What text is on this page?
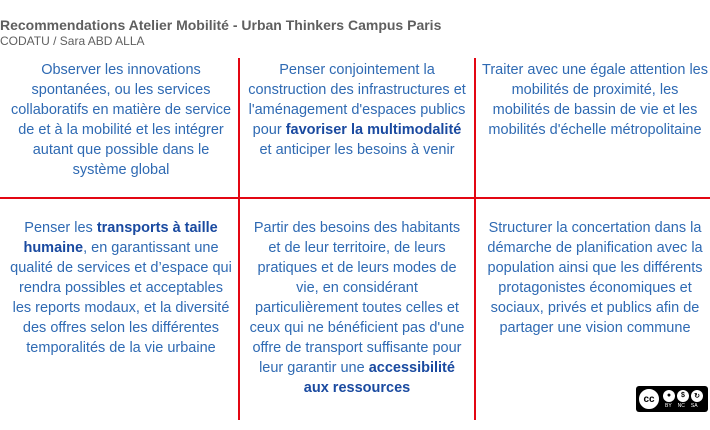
Recommendations Atelier Mobilité - Urban Thinkers Campus Paris
CODATU / Sara ABD ALLA

Observer les innovations spontanées, ou les services collaboratifs en matière de service de et à la mobilité et les intégrer autant que possible dans le système global

Penser conjointement la construction des infrastructures et l'aménagement d'espaces publics pour favoriser la multimodalité et anticiper les besoins à venir

Traiter avec une égale attention les mobilités de proximité, les mobilités de bassin de vie et les mobilités d'échelle métropolitaine

Penser les transports à taille humaine, en garantissant une qualité de services et d’espace qui rendra possibles et acceptables les reports modaux, et la diversité des offres selon les différentes temporalités de la vie urbaine

Partir des besoins des habitants et de leur territoire, de leurs pratiques et de leurs modes de vie, en considérant particulièrement toutes celles et ceux qui ne bénéficient pas d'une offre de transport suffisante pour leur garantir une accessibilité aux ressources

Structurer la concertation dans la démarche de planification avec la population ainsi que les différents protagonistes économiques et sociaux, privés et publics afin de partager une vision commune

cc	●	$	↻
BY NC SA
